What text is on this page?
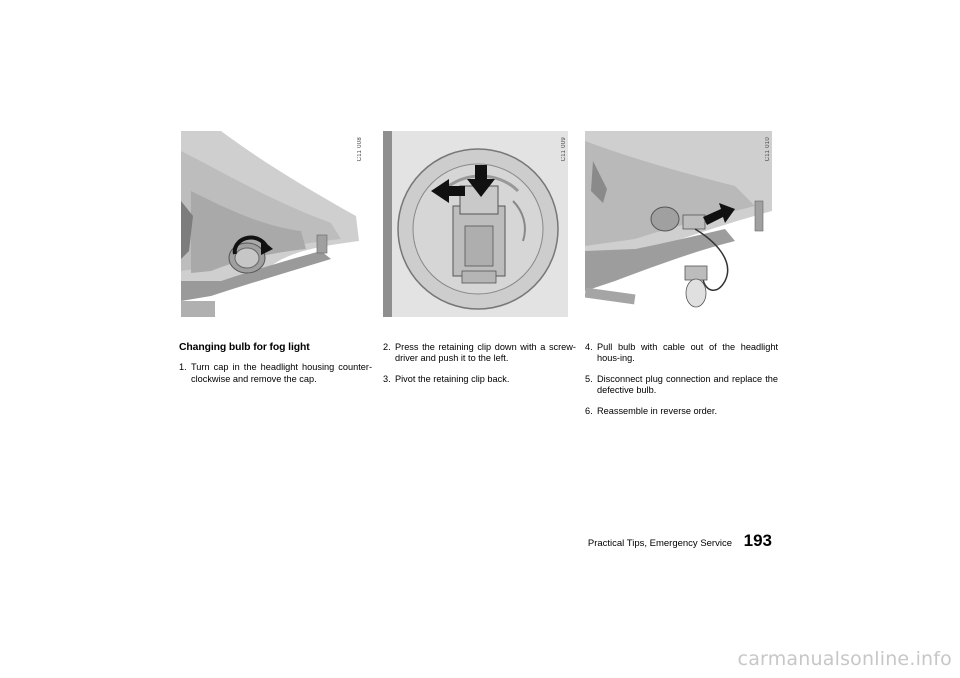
C11 008	C11 009	C11 010
Changing bulb for fog light
1. Turn cap in the headlight housing counter-clockwise and remove the cap.
2. Press the retaining clip down with a screw-driver and push it to the left.
3. Pivot the retaining clip back.
4. Pull bulb with cable out of the headlight hous-ing.
5. Disconnect plug connection and replace the defective bulb.
6. Reassemble in reverse order.
Practical Tips, Emergency Service 193
carmanualsonline.info
